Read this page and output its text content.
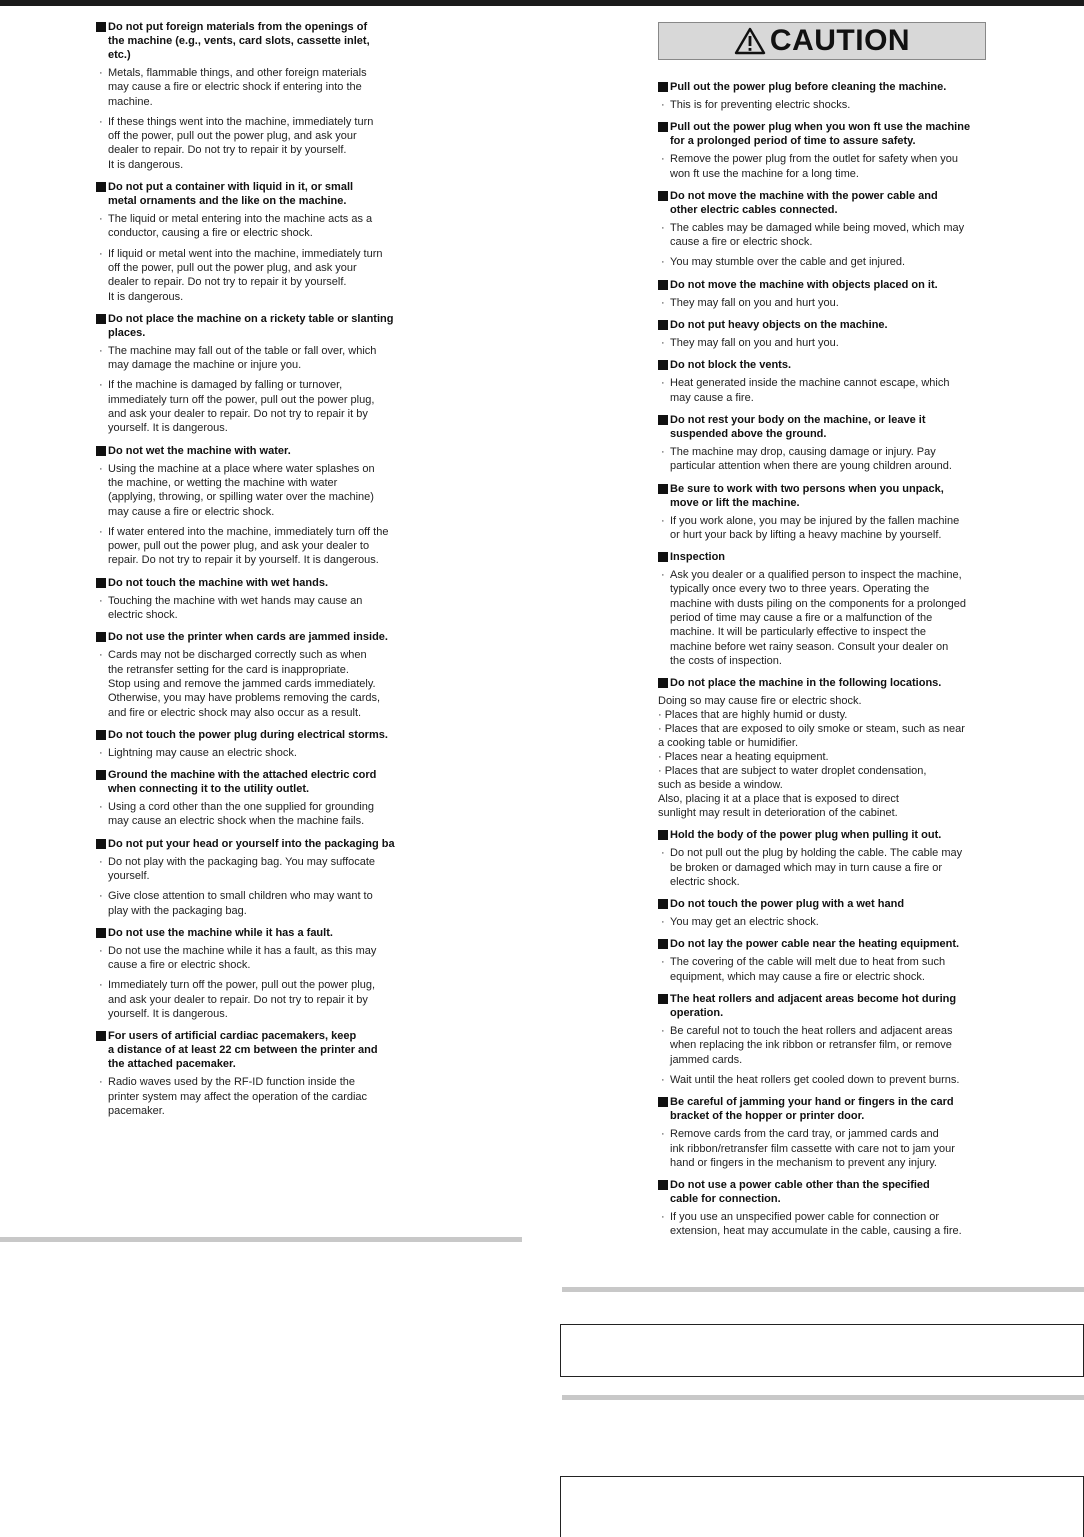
Do not put foreign materials from the openings of
the machine (e.g., vents, card slots, cassette inlet,
etc.)
· Metals, flammable things, and other foreign materials
may cause a fire or electric shock if entering into the
machine.
· If these things went into the machine, immediately turn
off the power, pull out the power plug, and ask your
dealer to repair. Do not try to repair it by yourself.
It is dangerous.
Do not put a container with liquid in it, or small
metal ornaments and the like on the machine.
· The liquid or metal entering into the machine acts as a
conductor, causing a fire or electric shock.
· If liquid or metal went into the machine, immediately turn
off the power, pull out the power plug, and ask your
dealer to repair. Do not try to repair it by yourself.
It is dangerous.
Do not place the machine on a rickety table or slanting
places.
· The machine may fall out of the table or fall over, which
may damage the machine or injure you.
· If the machine is damaged by falling or turnover,
immediately turn off the power, pull out the power plug,
and ask your dealer to repair. Do not try to repair it by
yourself. It is dangerous.
Do not wet the machine with water.
· Using the machine at a place where water splashes on
the machine, or wetting the machine with water
(applying, throwing, or spilling water over the machine)
may cause a fire or electric shock.
· If water entered into the machine, immediately turn off the
power, pull out the power plug, and ask your dealer to
repair. Do not try to repair it by yourself. It is dangerous.
Do not touch the machine with wet hands.
· Touching the machine with wet hands may cause an
electric shock.
Do not use the printer when cards are jammed inside.
· Cards may not be discharged correctly such as when
the retransfer setting for the card is inappropriate.
Stop using and remove the jammed cards immediately.
Otherwise, you may have problems removing the cards,
and fire or electric shock may also occur as a result.
Do not touch the power plug during electrical storms.
· Lightning may cause an electric shock.
Ground the machine with the attached electric cord
when connecting it to the utility outlet.
· Using a cord other than the one supplied for grounding
may cause an electric shock when the machine fails.
Do not put your head or yourself into the packaging ba
· Do not play with the packaging bag. You may suffocate
yourself.
· Give close attention to small children who may want to
play with the packaging bag.
Do not use the machine while it has a fault.
· Do not use the machine while it has a fault, as this may
cause a fire or electric shock.
· Immediately turn off the power, pull out the power plug,
and ask your dealer to repair. Do not try to repair it by
yourself. It is dangerous.
For users of artificial cardiac pacemakers, keep
a distance of at least 22 cm between the printer and
the attached pacemaker.
· Radio waves used by the RF-ID function inside the
printer system may affect the operation of the cardiac
pacemaker.
CAUTION
Pull out the power plug before cleaning the machine.
· This is for preventing electric shocks.
Pull out the power plug when you won ft use the machine
for a prolonged period of time to assure safety.
· Remove the power plug from the outlet for safety when you
won ft use the machine for a long time.
Do not move the machine with the power cable and
other electric cables connected.
· The cables may be damaged while being moved, which may
cause a fire or electric shock.
· You may stumble over the cable and get injured.
Do not move the machine with objects placed on it.
· They may fall on you and hurt you.
Do not put heavy objects on the machine.
· They may fall on you and hurt you.
Do not block the vents.
· Heat generated inside the machine cannot escape, which
may cause a fire.
Do not rest your body on the machine, or leave it
suspended above the ground.
· The machine may drop, causing damage or injury. Pay
particular attention when there are young children around.
Be sure to work with two persons when you unpack,
move or lift the machine.
· If you work alone, you may be injured by the fallen machine
or hurt your back by lifting a heavy machine by yourself.
Inspection
· Ask you dealer or a qualified person to inspect the machine,
typically once every two to three years. Operating the
machine with dusts piling on the components for a prolonged
period of time may cause a fire or a malfunction of the
machine. It will be particularly effective to inspect the
machine before wet rainy season. Consult your dealer on
the costs of inspection.
Do not place the machine in the following locations.
Doing so may cause fire or electric shock.
· Places that are highly humid or dusty.
· Places that are exposed to oily smoke or steam, such as near
a cooking table or humidifier.
· Places near a heating equipment.
· Places that are subject to water droplet condensation,
such as beside a window.
Also, placing it at a place that is exposed to direct
sunlight may result in deterioration of the cabinet.
Hold the body of the power plug when pulling it out.
· Do not pull out the plug by holding the cable. The cable may
be broken or damaged which may in turn cause a fire or
electric shock.
Do not touch the power plug with a wet hand
· You may get an electric shock.
Do not lay the power cable near the heating equipment.
· The covering of the cable will melt due to heat from such
equipment, which may cause a fire or electric shock.
The heat rollers and adjacent areas become hot during
operation.
· Be careful not to touch the heat rollers and adjacent areas
when replacing the ink ribbon or retransfer film, or remove
jammed cards.
· Wait until the heat rollers get cooled down to prevent burns.
Be careful of jamming your hand or fingers in the card
bracket of the hopper or printer door.
· Remove cards from the card tray, or jammed cards and
ink ribbon/retransfer film cassette with care not to jam your
hand or fingers in the mechanism to prevent any injury.
Do not use a power cable other than the specified
cable for connection.
· If you use an unspecified power cable for connection or
extension, heat may accumulate in the cable, causing a fire.
